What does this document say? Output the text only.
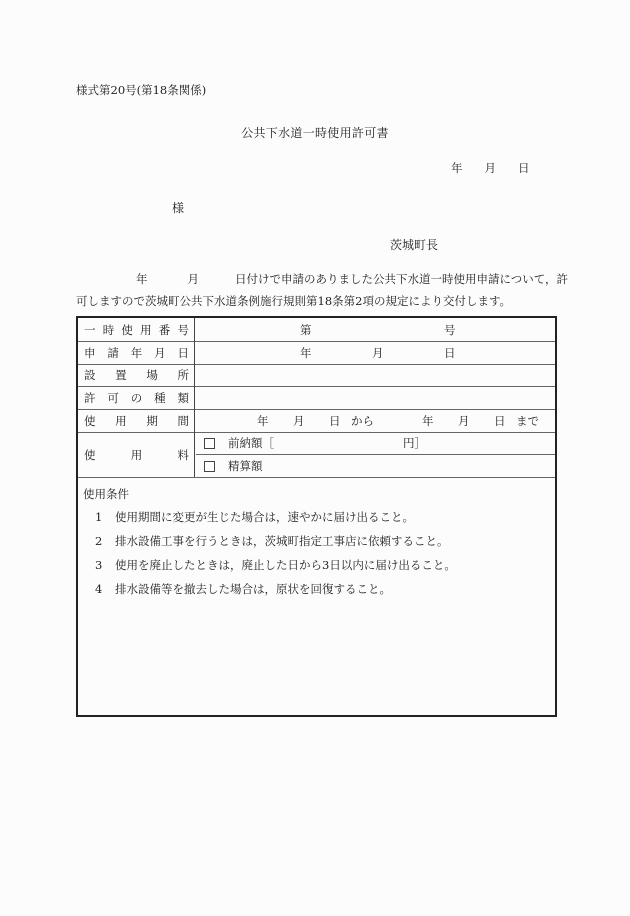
様式第20号(第18条関係)
公共下水道一時使用許可書
年 月 日
様
茨城町長
年	月	日付けで申請のありました公共下水道一時使用申請について，許
可しますので茨城町公共下水道条例施行規則第18条第2項の規定により交付します。
一 時 使 用 番 号	第	号
申 請 年 月 日	年	月	日
設 置 場 所
許 可 の 種 類
使 用 期 間	年 月 日 から	年 月 日 まで
使	用	料
前納額［	円］
精算額
使用条件
1 使用期間に変更が生じた場合は，速やかに届け出ること。
2 排水設備工事を行うときは，茨城町指定工事店に依頼すること。
3 使用を廃止したときは，廃止した日から3日以内に届け出ること。
4 排水設備等を撤去した場合は，原状を回復すること。
